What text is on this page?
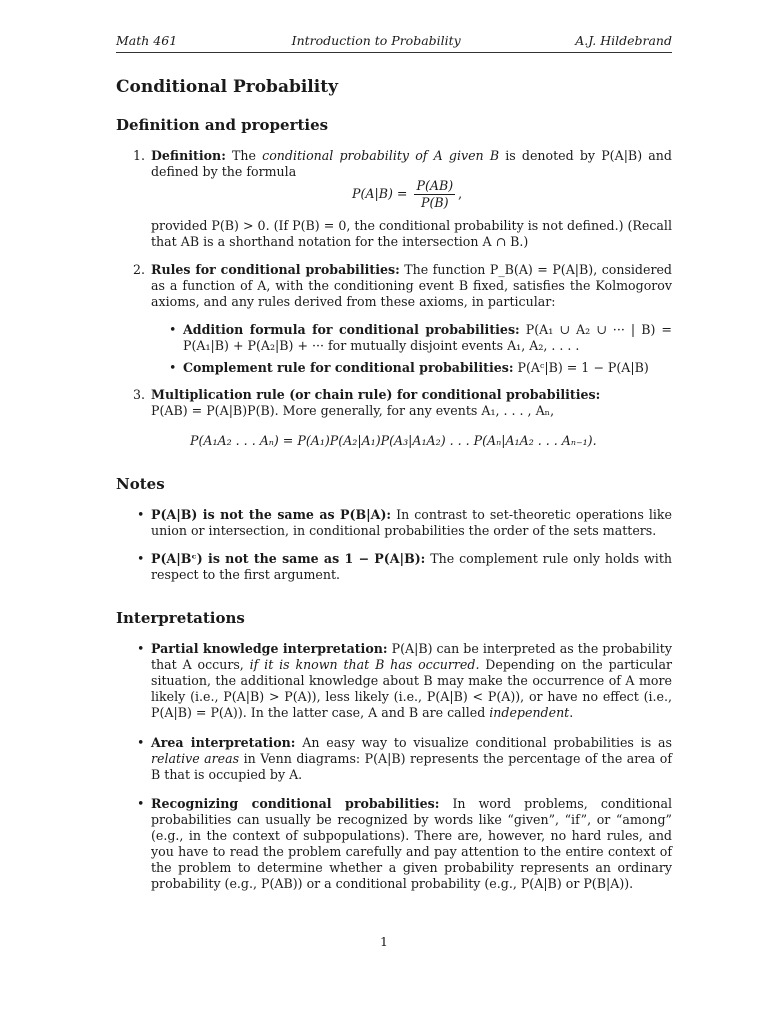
Math 461	Introduction to Probability	A.J. Hildebrand
Conditional Probability
Definition and properties
1. Definition: The conditional probability of A given B is denoted by P(A|B) and defined by the formula
$P(A|B) = \frac{P(AB)}{P(B)}$ ,
provided P(B) > 0. (If P(B) = 0, the conditional probability is not defined.) (Recall that AB is a shorthand notation for the intersection A ∩ B.)
2. Rules for conditional probabilities: The function P_B(A) = P(A|B), considered as a function of A, with the conditioning event B fixed, satisfies the Kolmogorov axioms, and any rules derived from these axioms, in particular:
• Addition formula for conditional probabilities: P(A₁ ∪ A₂ ∪ ··· | B) = P(A₁|B) + P(A₂|B) + ··· for mutually disjoint events A₁, A₂, . . . .
• Complement rule for conditional probabilities: P(Aᶜ|B) = 1 − P(A|B)
3. Multiplication rule (or chain rule) for conditional probabilities:
P(AB) = P(A|B)P(B). More generally, for any events A₁, . . . , Aₙ,
P(A₁A₂ . . . Aₙ) = P(A₁)P(A₂|A₁)P(A₃|A₁A₂) . . . P(Aₙ|A₁A₂ . . . Aₙ₋₁).
Notes
• P(A|B) is not the same as P(B|A): In contrast to set-theoretic operations like union or intersection, in conditional probabilities the order of the sets matters.
• P(A|Bᶜ) is not the same as 1 − P(A|B): The complement rule only holds with respect to the first argument.
Interpretations
• Partial knowledge interpretation: P(A|B) can be interpreted as the probability that A occurs, if it is known that B has occurred. Depending on the particular situation, the additional knowledge about B may make the occurrence of A more likely (i.e., P(A|B) > P(A)), less likely (i.e., P(A|B) < P(A)), or have no effect (i.e., P(A|B) = P(A)). In the latter case, A and B are called independent.
• Area interpretation: An easy way to visualize conditional probabilities is as relative areas in Venn diagrams: P(A|B) represents the percentage of the area of B that is occupied by A.
• Recognizing conditional probabilities: In word problems, conditional probabilities can usually be recognized by words like “given”, “if”, or “among” (e.g., in the context of subpopulations). There are, however, no hard rules, and you have to read the problem carefully and pay attention to the entire context of the problem to determine whether a given probability represents an ordinary probability (e.g., P(AB)) or a conditional probability (e.g., P(A|B) or P(B|A)).
1
